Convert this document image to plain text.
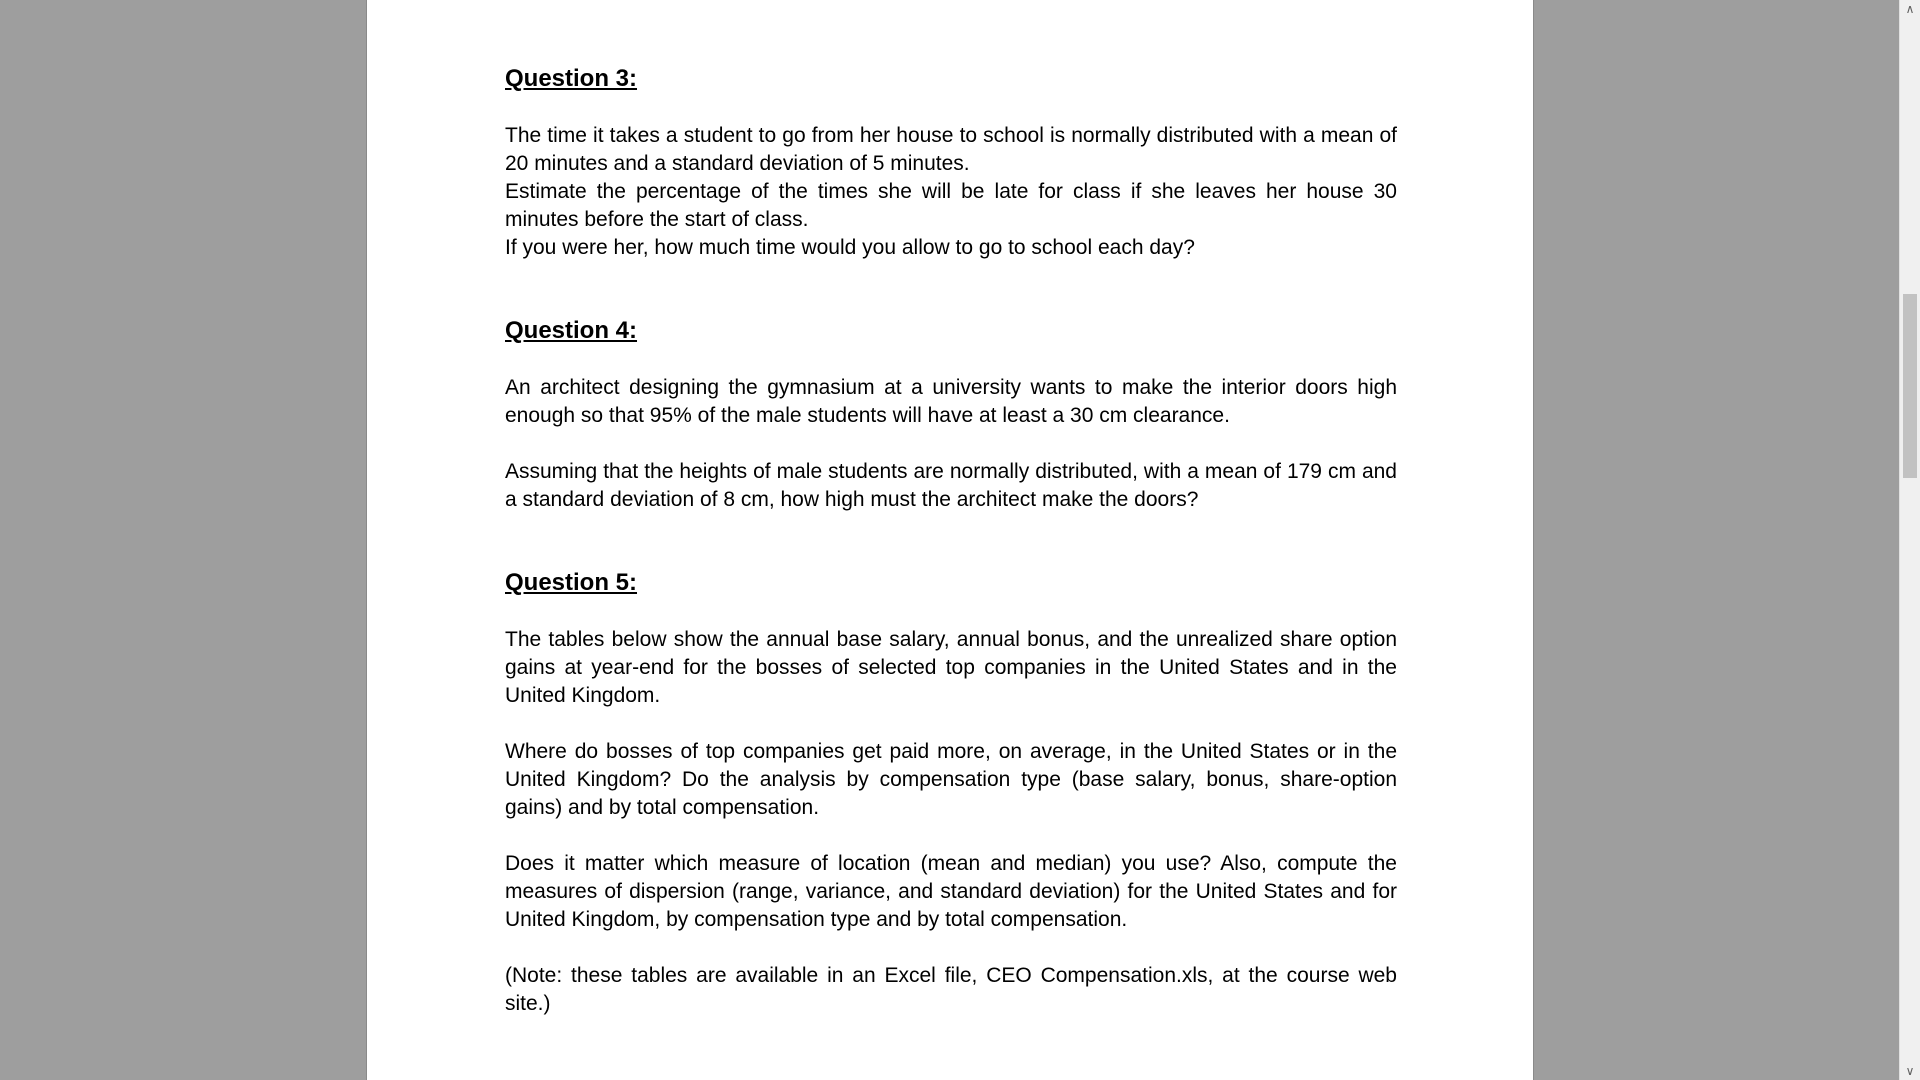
Question 3:

The time it takes a student to go from her house to school is normally distributed with a mean of 20 minutes and a standard deviation of 5 minutes.
Estimate the percentage of the times she will be late for class if she leaves her house 30 minutes before the start of class.
If you were her, how much time would you allow to go to school each day?

Question 4:

An architect designing the gymnasium at a university wants to make the interior doors high enough so that 95% of the male students will have at least a 30 cm clearance.

Assuming that the heights of male students are normally distributed, with a mean of 179 cm and a standard deviation of 8 cm, how high must the architect make the doors?

Question 5:

The tables below show the annual base salary, annual bonus, and the unrealized share option gains at year-end for the bosses of selected top companies in the United States and in the United Kingdom.

Where do bosses of top companies get paid more, on average, in the United States or in the United Kingdom? Do the analysis by compensation type (base salary, bonus, share-option gains) and by total compensation.

Does it matter which measure of location (mean and median) you use? Also, compute the measures of dispersion (range, variance, and standard deviation) for the United States and for United Kingdom, by compensation type and by total compensation.

(Note: these tables are available in an Excel file, CEO Compensation.xls, at the course web site.)

∧
∨
